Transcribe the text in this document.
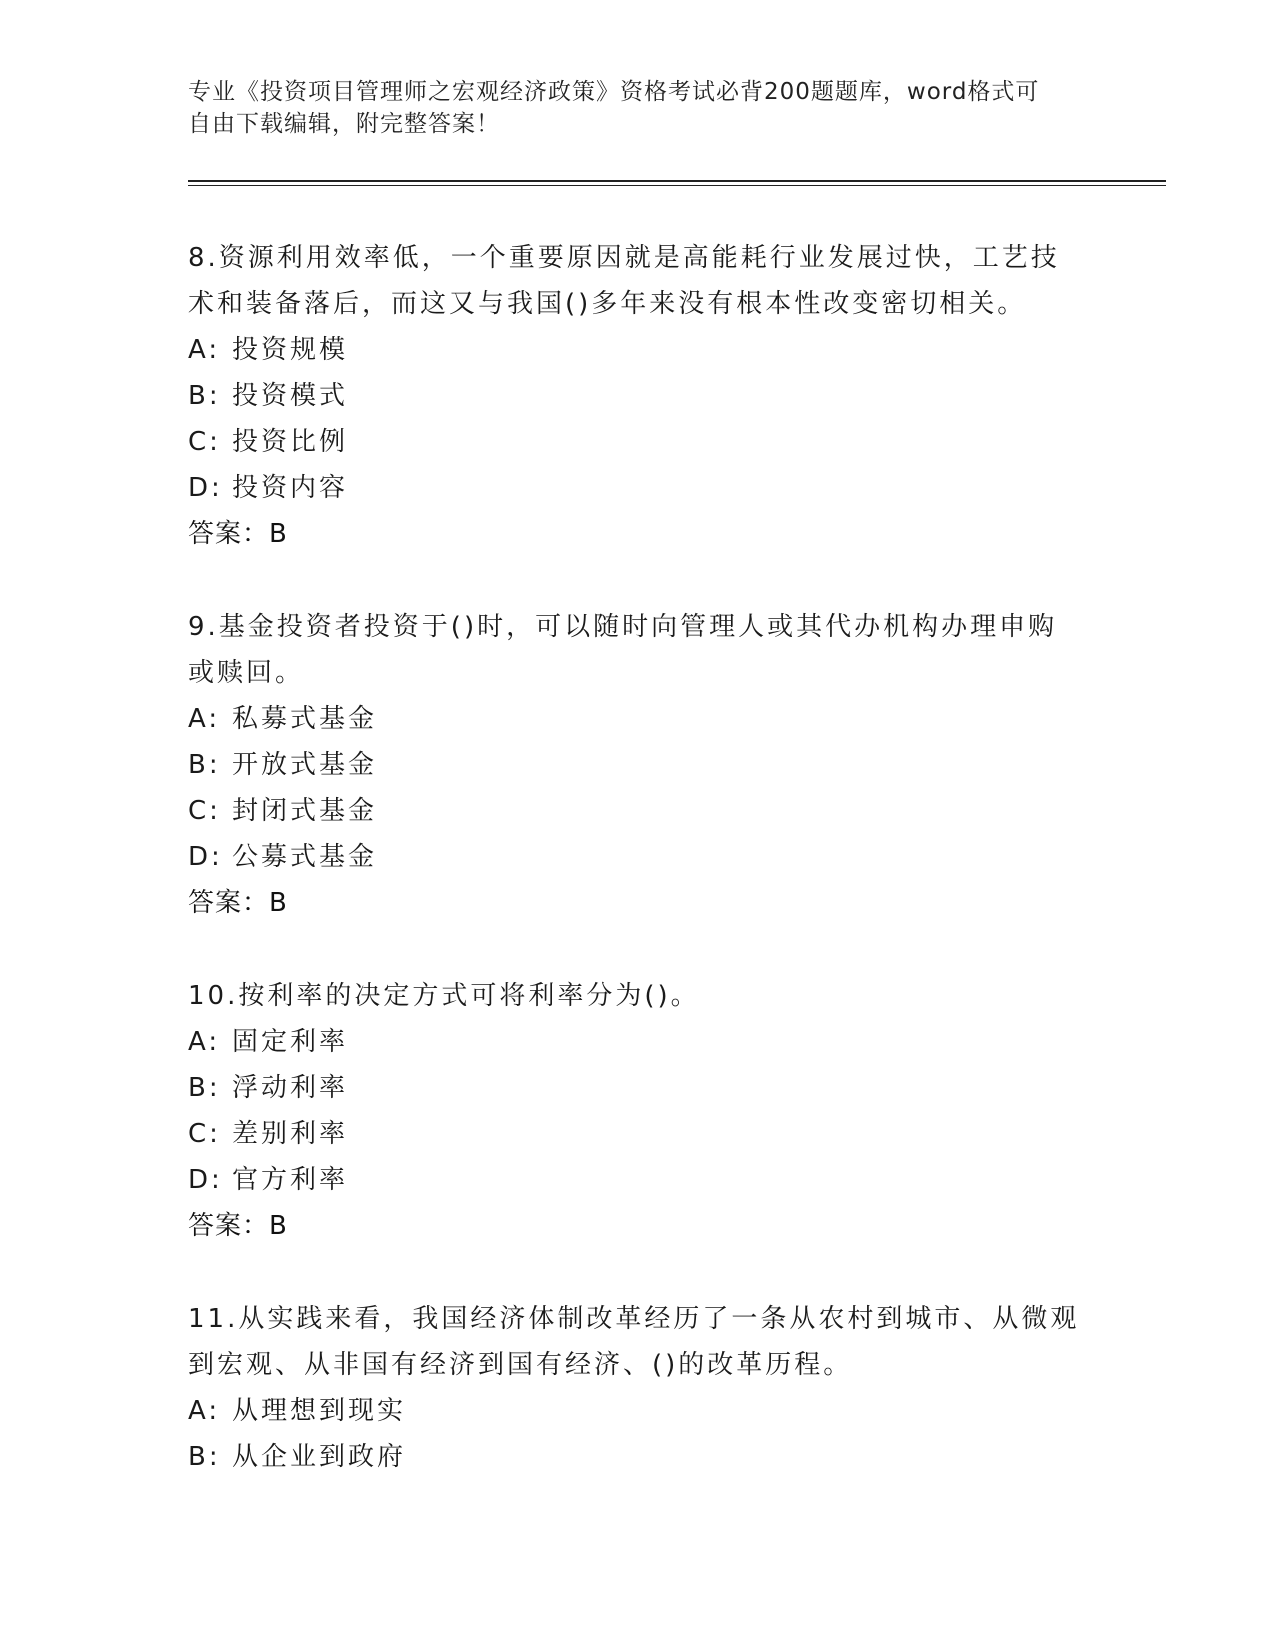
专业《投资项目管理师之宏观经济政策》资格考试必背200题题库，word格式可
自由下载编辑，附完整答案！
8.资源利用效率低，一个重要原因就是高能耗行业发展过快，工艺技
术和装备落后，而这又与我国()多年来没有根本性改变密切相关。
A: 投资规模
B: 投资模式
C: 投资比例
D: 投资内容
答案：B
9.基金投资者投资于()时，可以随时向管理人或其代办机构办理申购
或赎回。
A: 私募式基金
B: 开放式基金
C: 封闭式基金
D: 公募式基金
答案：B
10.按利率的决定方式可将利率分为()。
A: 固定利率
B: 浮动利率
C: 差别利率
D: 官方利率
答案：B
11.从实践来看，我国经济体制改革经历了一条从农村到城市、从微观
到宏观、从非国有经济到国有经济、()的改革历程。
A: 从理想到现实
B: 从企业到政府
